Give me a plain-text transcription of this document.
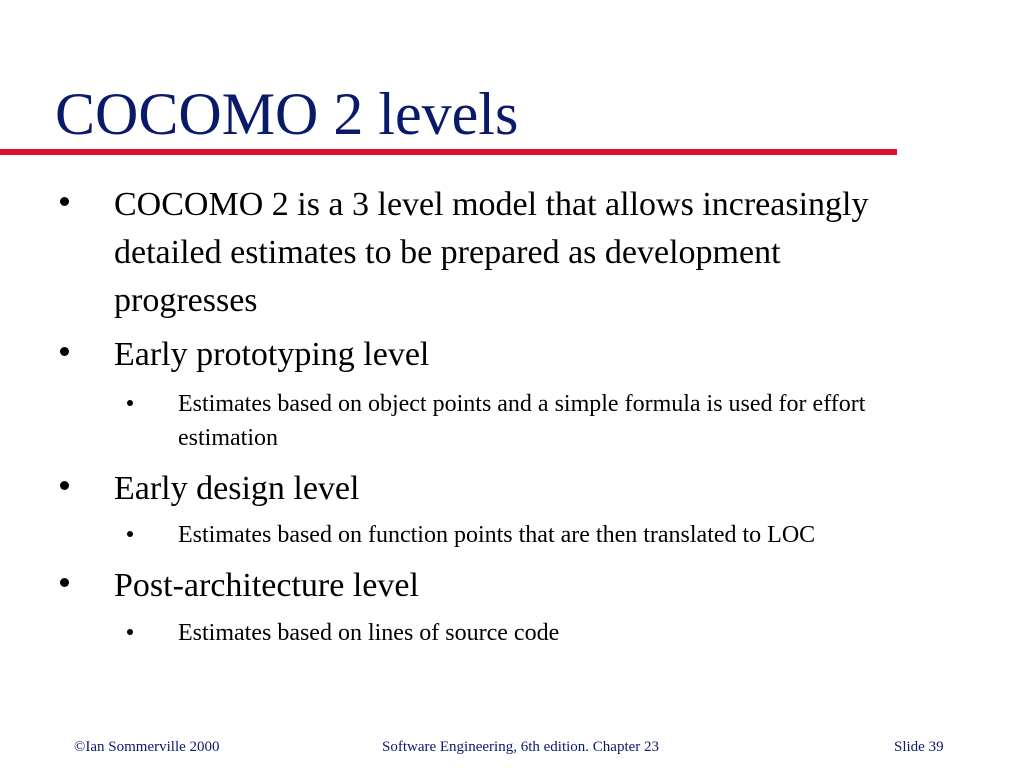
COCOMO 2 levels
COCOMO 2 is a 3 level model that allows increasingly detailed estimates to be prepared as development progresses
Early prototyping level
Estimates based on object points and a simple formula is used for effort estimation
Early design level
Estimates based on function points that are then translated to LOC
Post-architecture level
Estimates based on lines of source code
©Ian Sommerville 2000	Software Engineering, 6th edition. Chapter 23	Slide 39
